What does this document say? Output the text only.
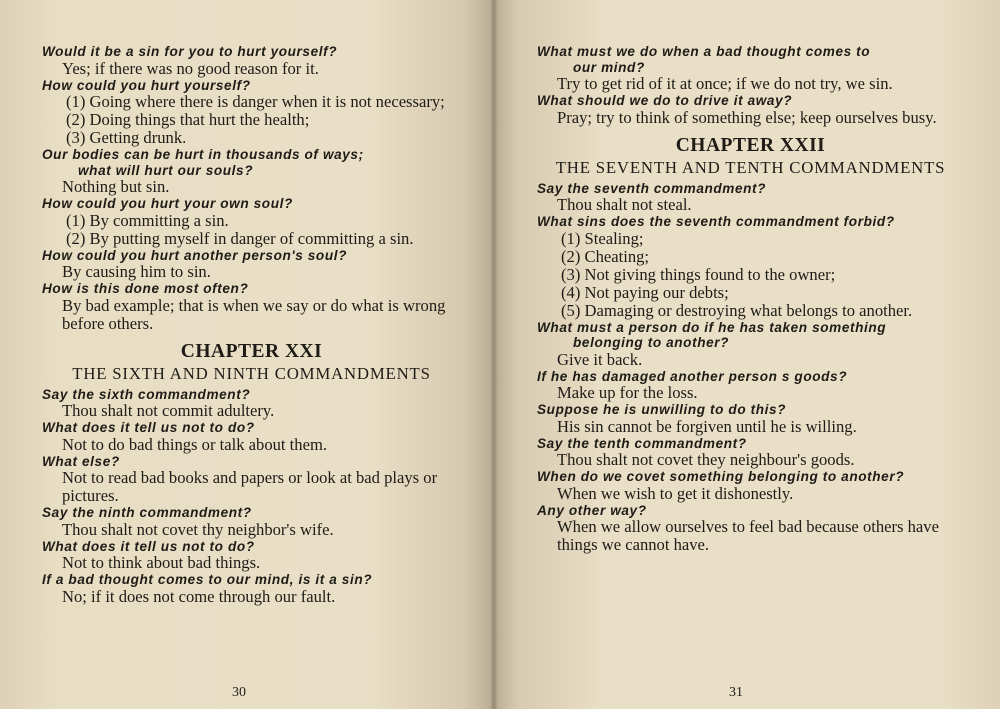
Would it be a sin for you to hurt yourself?

Yes; if there was no good reason for it.

How could you hurt yourself?

(1) Going where there is danger when it is not necessary;

(2) Doing things that hurt the health;

(3) Getting drunk.

Our bodies can be hurt in thousands of ways;
what will hurt our souls?

Nothing but sin.

How could you hurt your own soul?

(1) By committing a sin.

(2) By putting myself in danger of committing a sin.

How could you hurt another person's soul?

By causing him to sin.

How is this done most often?

By bad example; that is when we say or do what is wrong before others.

CHAPTER XXI
THE SIXTH AND NINTH COMMANDMENTS

Say the sixth commandment?

Thou shalt not commit adultery.

What does it tell us not to do?

Not to do bad things or talk about them.

What else?

Not to read bad books and papers or look at bad plays or pictures.

Say the ninth commandment?

Thou shalt not covet thy neighbor's wife.

What does it tell us not to do?

Not to think about bad things.

If a bad thought comes to our mind, is it a sin?

No; if it does not come through our fault.

30

What must we do when a bad thought comes to
our mind?

Try to get rid of it at once; if we do not try, we sin.

What should we do to drive it away?

Pray; try to think of something else; keep ourselves busy.

CHAPTER XXII
THE SEVENTH AND TENTH COMMANDMENTS

Say the seventh commandment?

Thou shalt not steal.

What sins does the seventh commandment forbid?

(1) Stealing;

(2) Cheating;

(3) Not giving things found to the owner;

(4) Not paying our debts;

(5) Damaging or destroying what belongs to another.

What must a person do if he has taken something
belonging to another?

Give it back.

If he has damaged another person s goods?

Make up for the loss.

Suppose he is unwilling to do this?

His sin cannot be forgiven until he is willing.

Say the tenth commandment?

Thou shalt not covet they neighbour's goods.

When do we covet something belonging to another?

When we wish to get it dishonestly.

Any other way?

When we allow ourselves to feel bad because others have things we cannot have.

31
